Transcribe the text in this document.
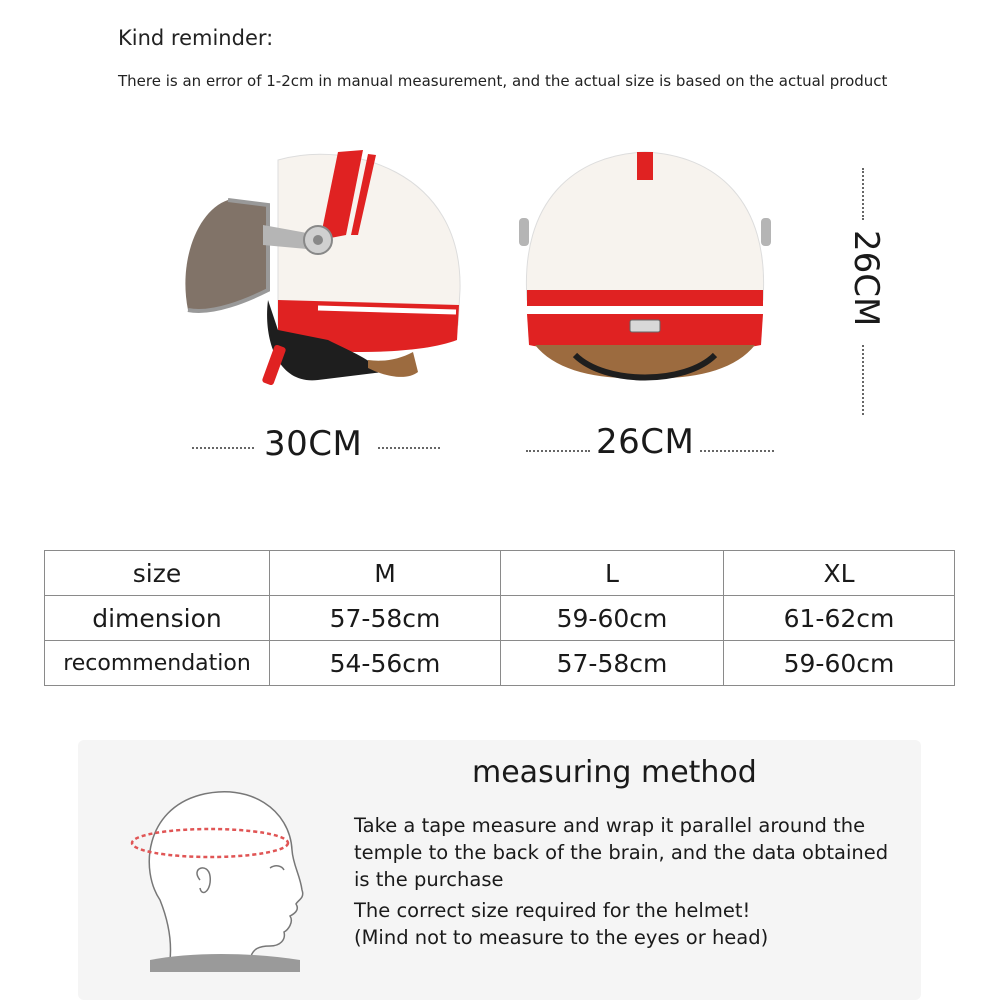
Kind reminder:
There is an error of 1-2cm in manual measurement, and the actual size is based on the actual product
30CM	26CM
26CM
size	M	L	XL
dimension	57-58cm	59-60cm	61-62cm
recommendation	54-56cm	57-58cm	59-60cm
measuring method
Take a tape measure and wrap it parallel around the
temple to the back of the brain, and the data obtained
is the purchase
The correct size required for the helmet!
(Mind not to measure to the eyes or head)
